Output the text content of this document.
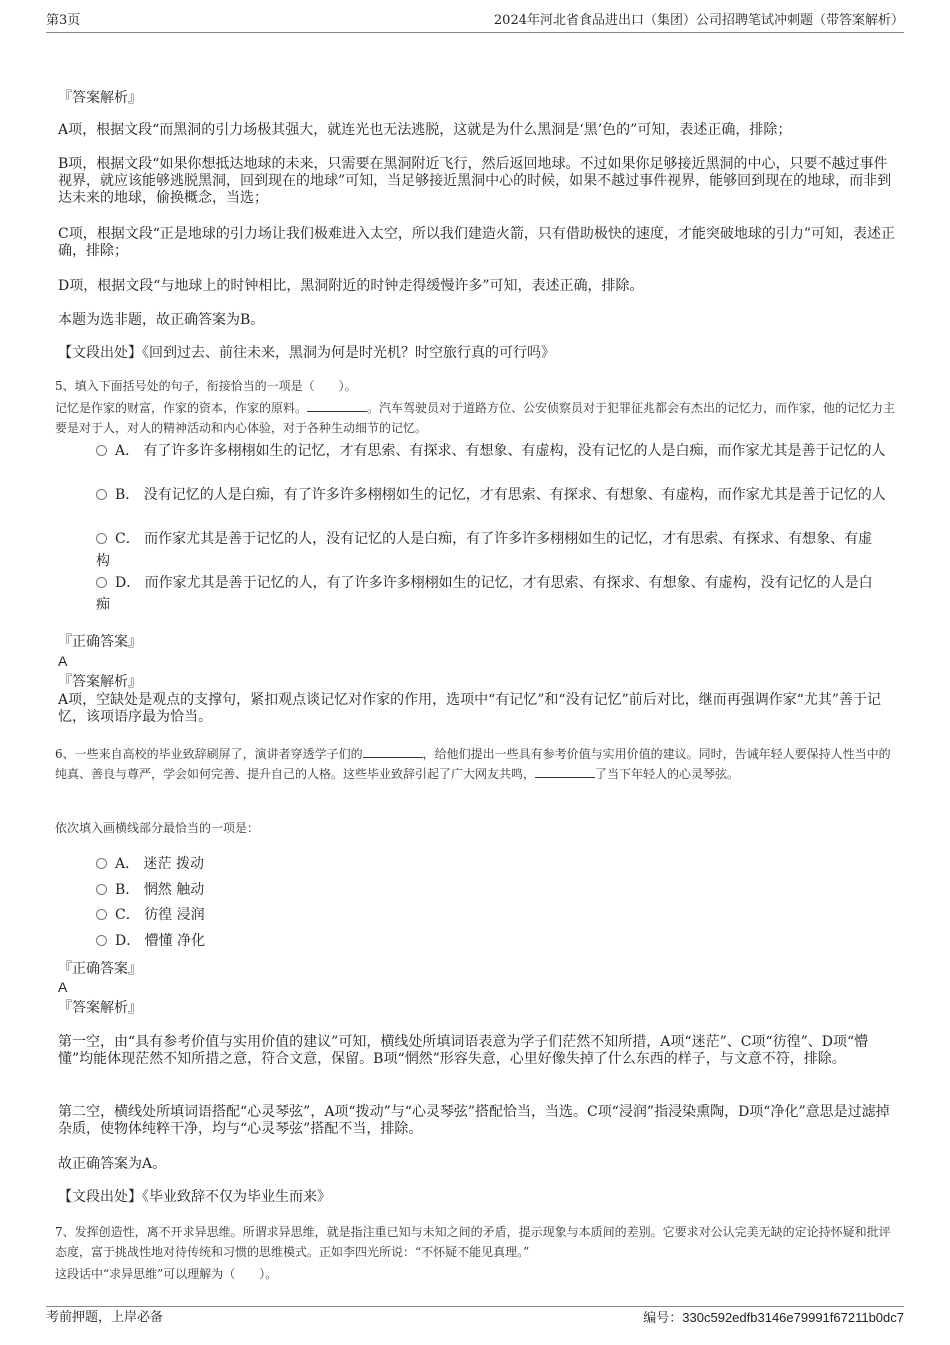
第3页	2024年河北省食品进出口（集团）公司招聘笔试冲刺题（带答案解析）

『答案解析』

A项，根据文段“而黑洞的引力场极其强大，就连光也无法逃脱，这就是为什么黑洞是‘黑’色的”可知，表述正确，排除；

B项，根据文段“如果你想抵达地球的未来，只需要在黑洞附近飞行，然后返回地球。不过如果你足够接近黑洞的中心，只要不越过事件视界，就应该能够逃脱黑洞，回到现在的地球”可知，当足够接近黑洞中心的时候，如果不越过事件视界，能够回到现在的地球，而非到达未来的地球，偷换概念，当选；

C项，根据文段“正是地球的引力场让我们极难进入太空，所以我们建造火箭，只有借助极快的速度，才能突破地球的引力”可知，表述正确，排除；

D项，根据文段“与地球上的时钟相比，黑洞附近的时钟走得缓慢许多”可知，表述正确，排除。

本题为选非题，故正确答案为B。

【文段出处】《回到过去、前往未来，黑洞为何是时光机？时空旅行真的可行吗》

5、填入下面括号处的句子，衔接恰当的一项是（　　）。

记忆是作家的财富，作家的资本，作家的原料。	。汽车驾驶员对于道路方位、公安侦察员对于犯罪征兆都会有杰出的记忆力，而作家，他的记忆力主要是对于人，对人的精神活动和内心体验，对于各种生动细节的记忆。

A． 有了许多许多栩栩如生的记忆，才有思索、有探求、有想象、有虚构，没有记忆的人是白痴，而作家尤其是善于记忆的人

B． 没有记忆的人是白痴，有了许多许多栩栩如生的记忆，才有思索、有探求、有想象、有虚构，而作家尤其是善于记忆的人

C． 而作家尤其是善于记忆的人，没有记忆的人是白痴，有了许多许多栩栩如生的记忆，才有思索、有探求、有想象、有虚构

D． 而作家尤其是善于记忆的人，有了许多许多栩栩如生的记忆，才有思索、有探求、有想象、有虚构，没有记忆的人是白痴

『正确答案』

A

『答案解析』

A项，空缺处是观点的支撑句，紧扣观点谈记忆对作家的作用，选项中“有记忆”和“没有记忆”前后对比，继而再强调作家“尤其”善于记忆，该项语序最为恰当。

6、一些来自高校的毕业致辞刷屏了，演讲者穿透学子们的	，给他们提出一些具有参考价值与实用价值的建议。同时，告诫年轻人要保持人性当中的纯真、善良与尊严，学会如何完善、提升自己的人格。这些毕业致辞引起了广大网友共鸣，	了当下年轻人的心灵琴弦。

依次填入画横线部分最恰当的一项是：

A． 迷茫 拨动

B． 惘然 触动

C． 彷徨 浸润

D． 懵懂 净化

『正确答案』

A

『答案解析』

第一空，由“具有参考价值与实用价值的建议”可知，横线处所填词语表意为学子们茫然不知所措，A项“迷茫”、C项“彷徨”、D项“懵懂”均能体现茫然不知所措之意，符合文意，保留。B项“惘然”形容失意，心里好像失掉了什么东西的样子，与文意不符，排除。

第二空，横线处所填词语搭配“心灵琴弦”，A项“拨动”与“心灵琴弦”搭配恰当，当选。C项“浸润”指浸染熏陶，D项“净化”意思是过滤掉杂质，使物体纯粹干净，均与“心灵琴弦”搭配不当，排除。

故正确答案为A。

【文段出处】《毕业致辞不仅为毕业生而来》

7、发挥创造性，离不开求异思维。所谓求异思维，就是指注重已知与未知之间的矛盾，提示现象与本质间的差别。它要求对公认完美无缺的定论持怀疑和批评态度，富于挑战性地对待传统和习惯的思维模式。正如李四光所说：“不怀疑不能见真理。”

这段话中“求异思维”可以理解为（　　）。

考前押题，上岸必备	编号：330c592edfb3146e79991f67211b0dc7
